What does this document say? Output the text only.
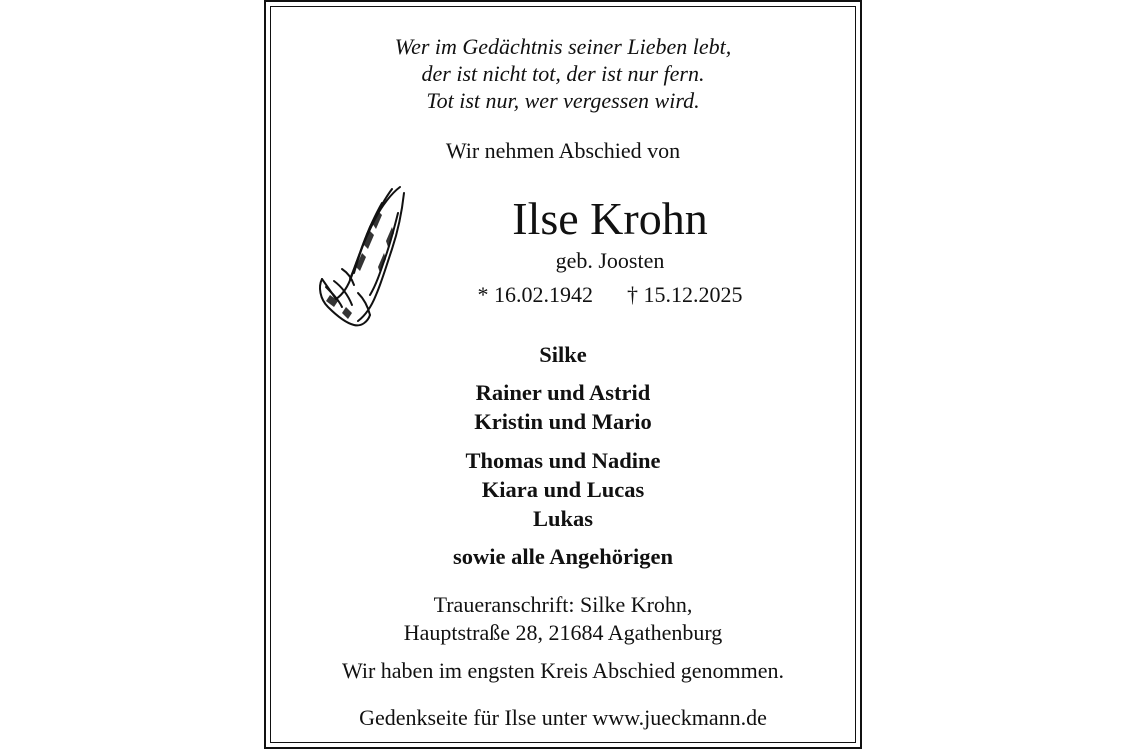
Wer im Gedächtnis seiner Lieben lebt,
der ist nicht tot, der ist nur fern.
Tot ist nur, wer vergessen wird.
Wir nehmen Abschied von
Ilse Krohn
geb. Joosten
* 16.02.1942 † 15.12.2025
Silke
Rainer und Astrid
Kristin und Mario
Thomas und Nadine
Kiara und Lucas
Lukas
sowie alle Angehörigen
Traueranschrift: Silke Krohn,
Hauptstraße 28, 21684 Agathenburg
Wir haben im engsten Kreis Abschied genommen.
Gedenkseite für Ilse unter www.jueckmann.de
